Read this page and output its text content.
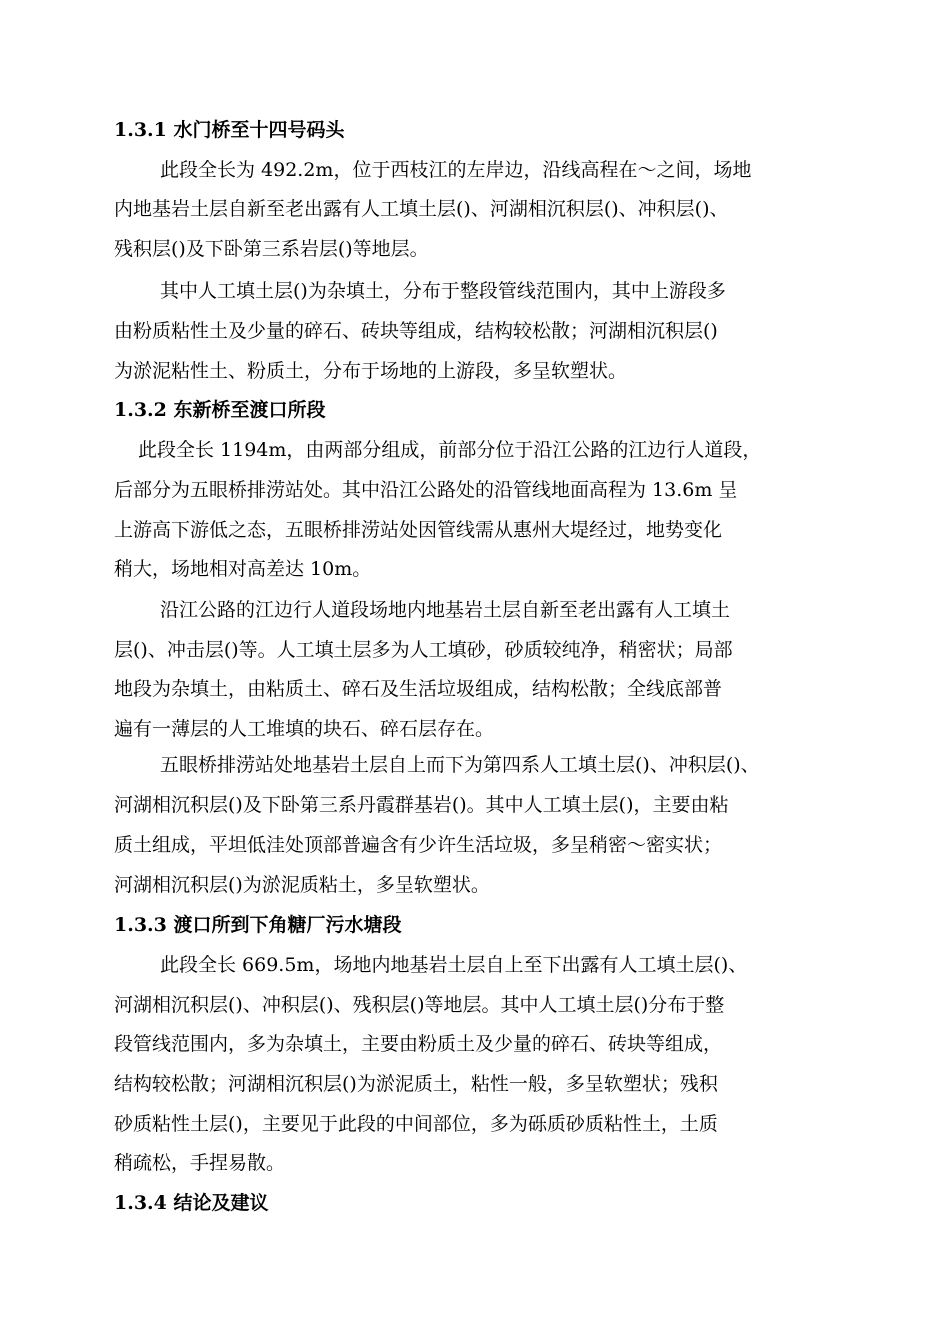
1.3.1 水门桥至十四号码头
此段全长为 492.2m，位于西枝江的左岸边，沿线高程在～之间，场地
内地基岩土层自新至老出露有人工填土层()、河湖相沉积层()、冲积层()、
残积层()及下卧第三系岩层()等地层。
其中人工填土层()为杂填土，分布于整段管线范围内，其中上游段多
由粉质粘性土及少量的碎石、砖块等组成，结构较松散；河湖相沉积层()
为淤泥粘性土、粉质土，分布于场地的上游段，多呈软塑状。
1.3.2 东新桥至渡口所段
此段全长 1194m，由两部分组成，前部分位于沿江公路的江边行人道段，
后部分为五眼桥排涝站处。其中沿江公路处的沿管线地面高程为 13.6m 呈
上游高下游低之态，五眼桥排涝站处因管线需从惠州大堤经过，地势变化
稍大，场地相对高差达 10m。
沿江公路的江边行人道段场地内地基岩土层自新至老出露有人工填土
层()、冲击层()等。人工填土层多为人工填砂，砂质较纯净，稍密状；局部
地段为杂填土，由粘质土、碎石及生活垃圾组成，结构松散；全线底部普
遍有一薄层的人工堆填的块石、碎石层存在。
五眼桥排涝站处地基岩土层自上而下为第四系人工填土层()、冲积层()、
河湖相沉积层()及下卧第三系丹霞群基岩()。其中人工填土层()，主要由粘
质土组成，平坦低洼处顶部普遍含有少许生活垃圾，多呈稍密～密实状；
河湖相沉积层()为淤泥质粘土，多呈软塑状。
1.3.3 渡口所到下角糖厂污水塘段
此段全长 669.5m，场地内地基岩土层自上至下出露有人工填土层()、
河湖相沉积层()、冲积层()、残积层()等地层。其中人工填土层()分布于整
段管线范围内，多为杂填土，主要由粉质土及少量的碎石、砖块等组成，
结构较松散；河湖相沉积层()为淤泥质土，粘性一般，多呈软塑状；残积
砂质粘性土层()，主要见于此段的中间部位，多为砾质砂质粘性土，土质
稍疏松，手捏易散。
1.3.4 结论及建议
